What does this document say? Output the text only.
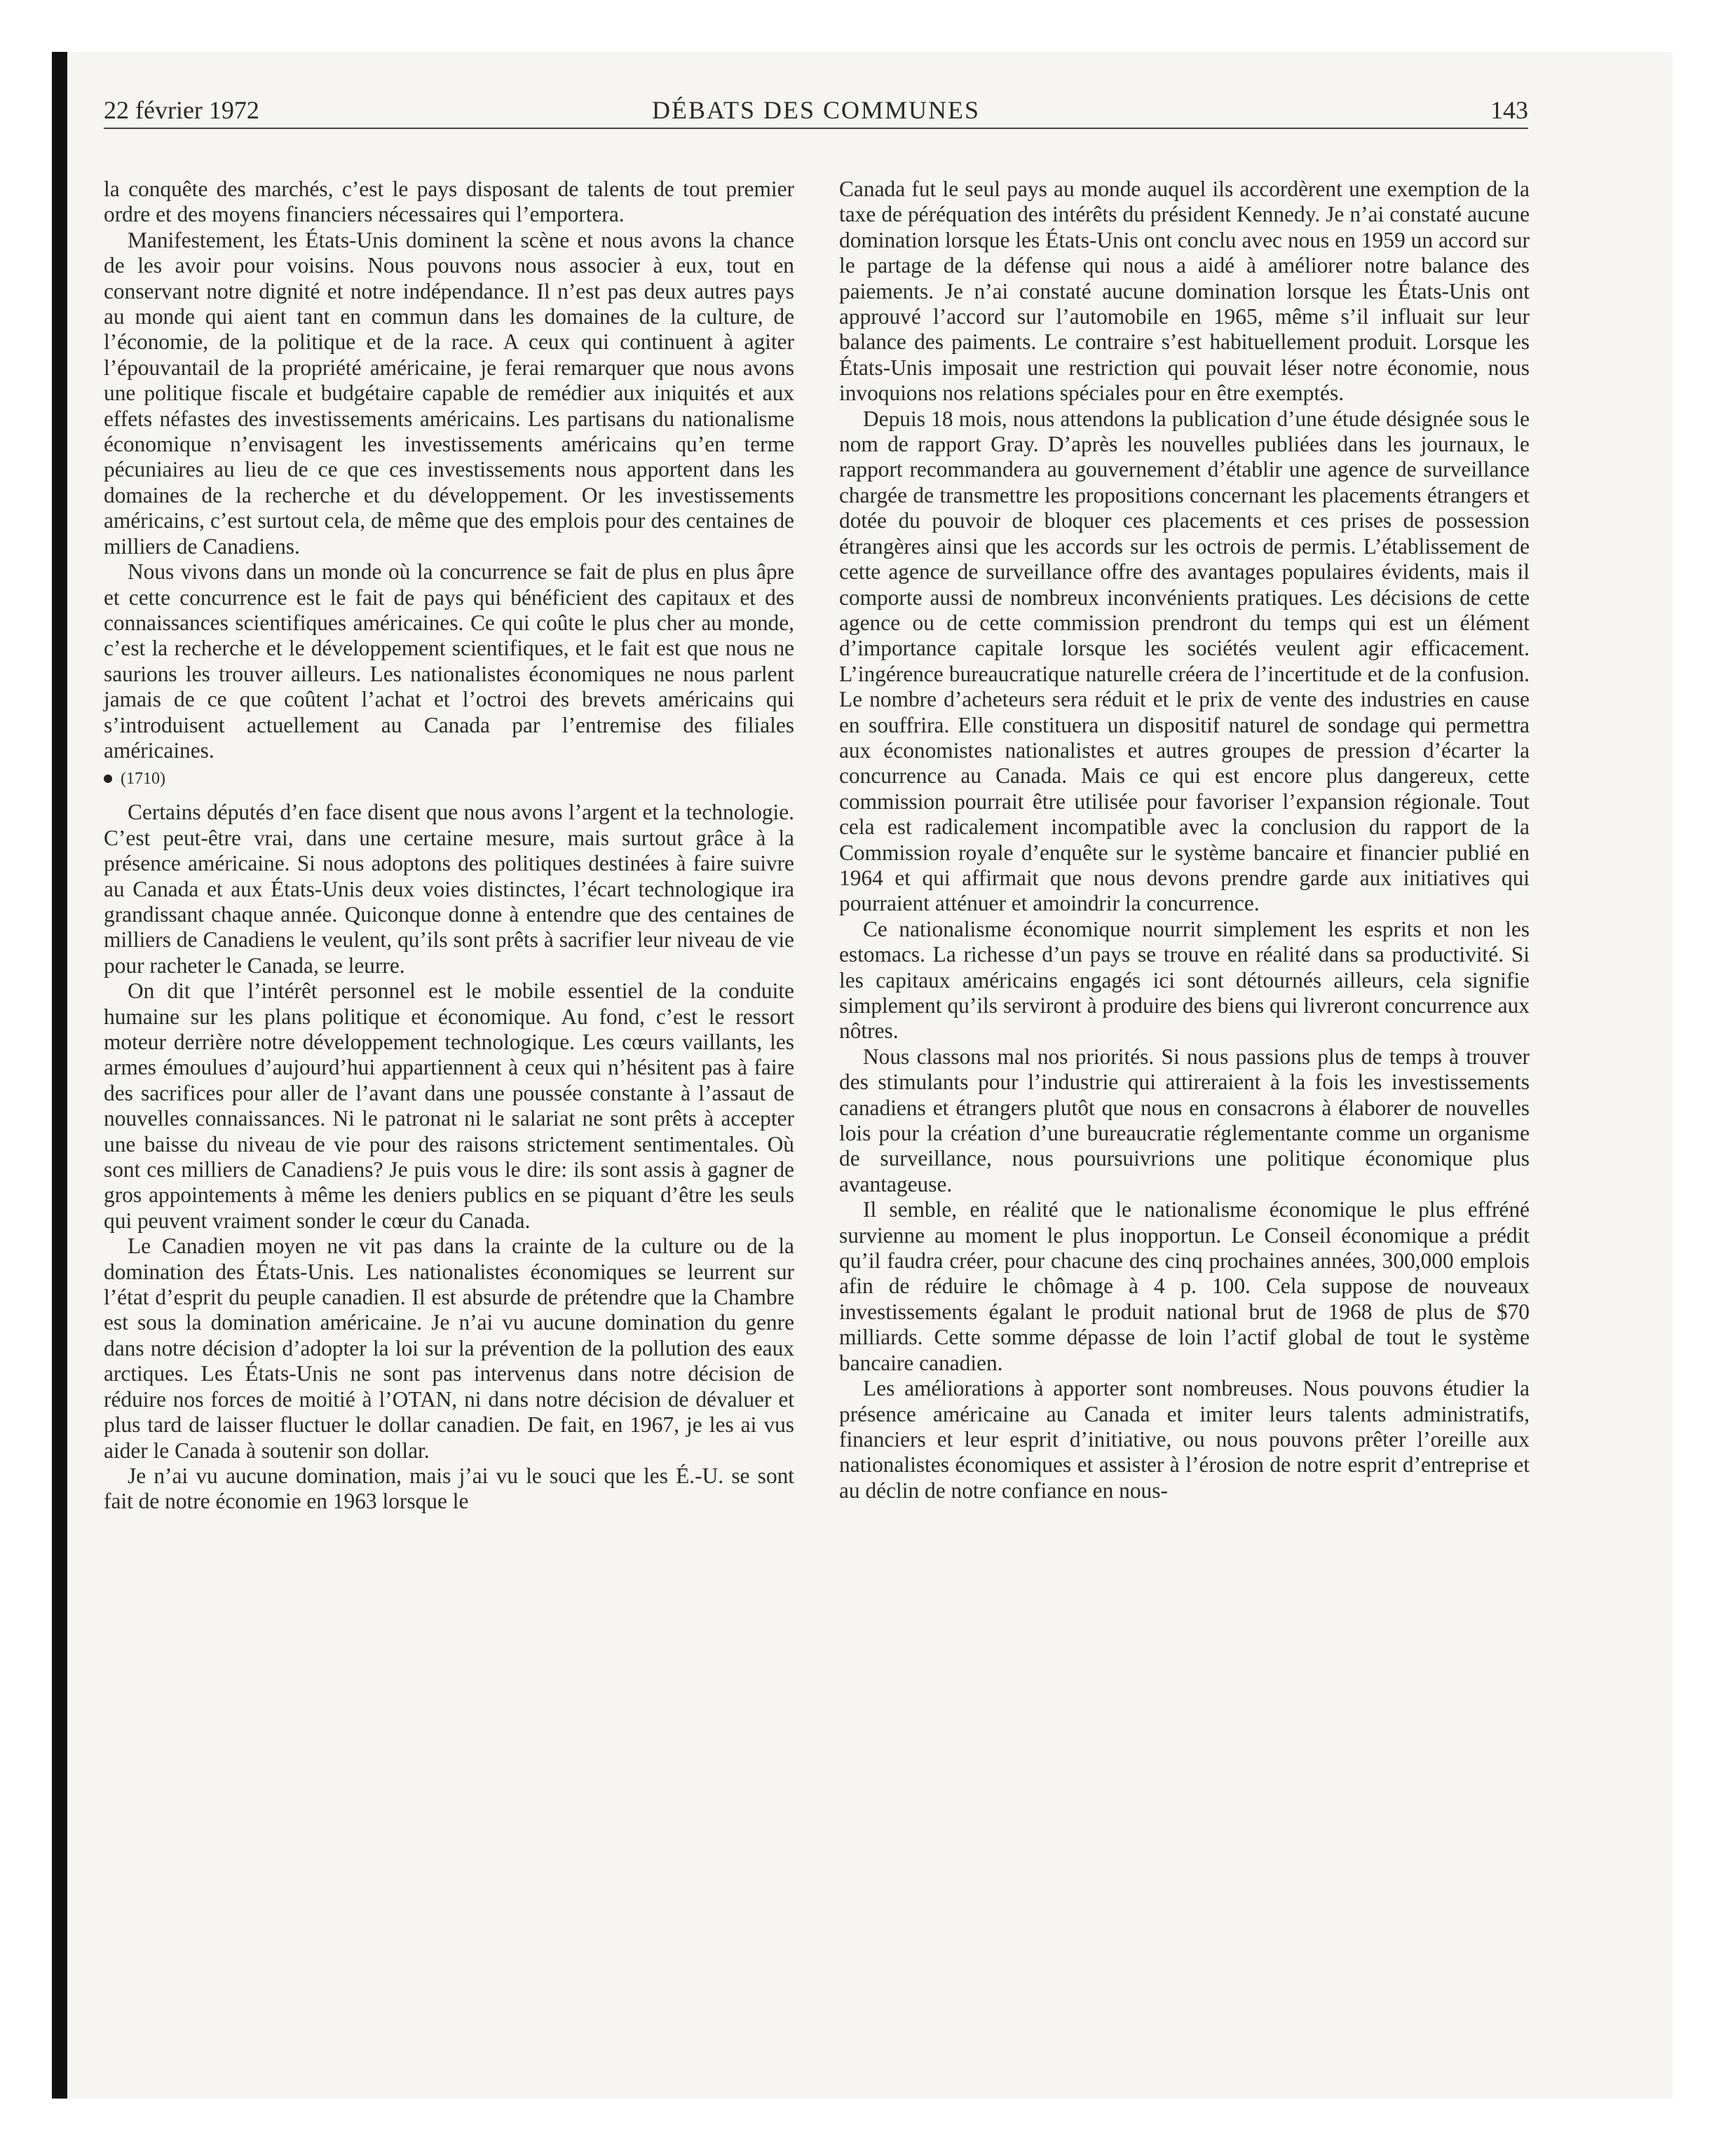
22 février 1972	DÉBATS DES COMMUNES	143

la conquête des marchés, c’est le pays disposant de talents de tout premier ordre et des moyens financiers nécessaires qui l’emportera.

Manifestement, les États-Unis dominent la scène et nous avons la chance de les avoir pour voisins. Nous pouvons nous associer à eux, tout en conservant notre dignité et notre indépendance. Il n’est pas deux autres pays au monde qui aient tant en commun dans les domaines de la culture, de l’économie, de la politique et de la race. A ceux qui continuent à agiter l’épouvantail de la propriété américaine, je ferai remarquer que nous avons une politique fiscale et budgétaire capable de remédier aux iniquités et aux effets néfastes des investissements américains. Les partisans du nationalisme économique n’envisagent les investissements américains qu’en terme pécuniaires au lieu de ce que ces investissements nous apportent dans les domaines de la recherche et du développement. Or les investissements américains, c’est surtout cela, de même que des emplois pour des centaines de milliers de Canadiens.

Nous vivons dans un monde où la concurrence se fait de plus en plus âpre et cette concurrence est le fait de pays qui bénéficient des capitaux et des connaissances scientifiques américaines. Ce qui coûte le plus cher au monde, c’est la recherche et le développement scientifiques, et le fait est que nous ne saurions les trouver ailleurs. Les nationalistes économiques ne nous parlent jamais de ce que coûtent l’achat et l’octroi des brevets américains qui s’introduisent actuellement au Canada par l’entremise des filiales américaines.

(1710)

Certains députés d’en face disent que nous avons l’argent et la technologie. C’est peut-être vrai, dans une certaine mesure, mais surtout grâce à la présence américaine. Si nous adoptons des politiques destinées à faire suivre au Canada et aux États-Unis deux voies distinctes, l’écart technologique ira grandissant chaque année. Quiconque donne à entendre que des centaines de milliers de Canadiens le veulent, qu’ils sont prêts à sacrifier leur niveau de vie pour racheter le Canada, se leurre.

On dit que l’intérêt personnel est le mobile essentiel de la conduite humaine sur les plans politique et économique. Au fond, c’est le ressort moteur derrière notre développement technologique. Les cœurs vaillants, les armes émoulues d’aujourd’hui appartiennent à ceux qui n’hésitent pas à faire des sacrifices pour aller de l’avant dans une poussée constante à l’assaut de nouvelles connaissances. Ni le patronat ni le salariat ne sont prêts à accepter une baisse du niveau de vie pour des raisons strictement sentimentales. Où sont ces milliers de Canadiens? Je puis vous le dire: ils sont assis à gagner de gros appointements à même les deniers publics en se piquant d’être les seuls qui peuvent vraiment sonder le cœur du Canada.

Le Canadien moyen ne vit pas dans la crainte de la culture ou de la domination des États-Unis. Les nationalistes économiques se leurrent sur l’état d’esprit du peuple canadien. Il est absurde de prétendre que la Chambre est sous la domination américaine. Je n’ai vu aucune domination du genre dans notre décision d’adopter la loi sur la prévention de la pollution des eaux arctiques. Les États-Unis ne sont pas intervenus dans notre décision de réduire nos forces de moitié à l’OTAN, ni dans notre décision de dévaluer et plus tard de laisser fluctuer le dollar canadien. De fait, en 1967, je les ai vus aider le Canada à soutenir son dollar.

Je n’ai vu aucune domination, mais j’ai vu le souci que les É.-U. se sont fait de notre économie en 1963 lorsque le

Canada fut le seul pays au monde auquel ils accordèrent une exemption de la taxe de péréquation des intérêts du président Kennedy. Je n’ai constaté aucune domination lorsque les États-Unis ont conclu avec nous en 1959 un accord sur le partage de la défense qui nous a aidé à améliorer notre balance des paiements. Je n’ai constaté aucune domination lorsque les États-Unis ont approuvé l’accord sur l’automobile en 1965, même s’il influait sur leur balance des paiments. Le contraire s’est habituellement produit. Lorsque les États-Unis imposait une restriction qui pouvait léser notre économie, nous invoquions nos relations spéciales pour en être exemptés.

Depuis 18 mois, nous attendons la publication d’une étude désignée sous le nom de rapport Gray. D’après les nouvelles publiées dans les journaux, le rapport recommandera au gouvernement d’établir une agence de surveillance chargée de transmettre les propositions concernant les placements étrangers et dotée du pouvoir de bloquer ces placements et ces prises de possession étrangères ainsi que les accords sur les octrois de permis. L’établissement de cette agence de surveillance offre des avantages populaires évidents, mais il comporte aussi de nombreux inconvénients pratiques. Les décisions de cette agence ou de cette commission prendront du temps qui est un élément d’importance capitale lorsque les sociétés veulent agir efficacement. L’ingérence bureaucratique naturelle créera de l’incertitude et de la confusion. Le nombre d’acheteurs sera réduit et le prix de vente des industries en cause en souffrira. Elle constituera un dispositif naturel de sondage qui permettra aux économistes nationalistes et autres groupes de pression d’écarter la concurrence au Canada. Mais ce qui est encore plus dangereux, cette commission pourrait être utilisée pour favoriser l’expansion régionale. Tout cela est radicalement incompatible avec la conclusion du rapport de la Commission royale d’enquête sur le système bancaire et financier publié en 1964 et qui affirmait que nous devons prendre garde aux initiatives qui pourraient atténuer et amoindrir la concurrence.

Ce nationalisme économique nourrit simplement les esprits et non les estomacs. La richesse d’un pays se trouve en réalité dans sa productivité. Si les capitaux américains engagés ici sont détournés ailleurs, cela signifie simplement qu’ils serviront à produire des biens qui livreront concurrence aux nôtres.

Nous classons mal nos priorités. Si nous passions plus de temps à trouver des stimulants pour l’industrie qui attireraient à la fois les investissements canadiens et étrangers plutôt que nous en consacrons à élaborer de nouvelles lois pour la création d’une bureaucratie réglementante comme un organisme de surveillance, nous poursuivrions une politique économique plus avantageuse.

Il semble, en réalité que le nationalisme économique le plus effréné survienne au moment le plus inopportun. Le Conseil économique a prédit qu’il faudra créer, pour chacune des cinq prochaines années, 300,000 emplois afin de réduire le chômage à 4 p. 100. Cela suppose de nouveaux investissements égalant le produit national brut de 1968 de plus de $70 milliards. Cette somme dépasse de loin l’actif global de tout le système bancaire canadien.

Les améliorations à apporter sont nombreuses. Nous pouvons étudier la présence américaine au Canada et imiter leurs talents administratifs, financiers et leur esprit d’initiative, ou nous pouvons prêter l’oreille aux nationalistes économiques et assister à l’érosion de notre esprit d’entreprise et au déclin de notre confiance en nous-
